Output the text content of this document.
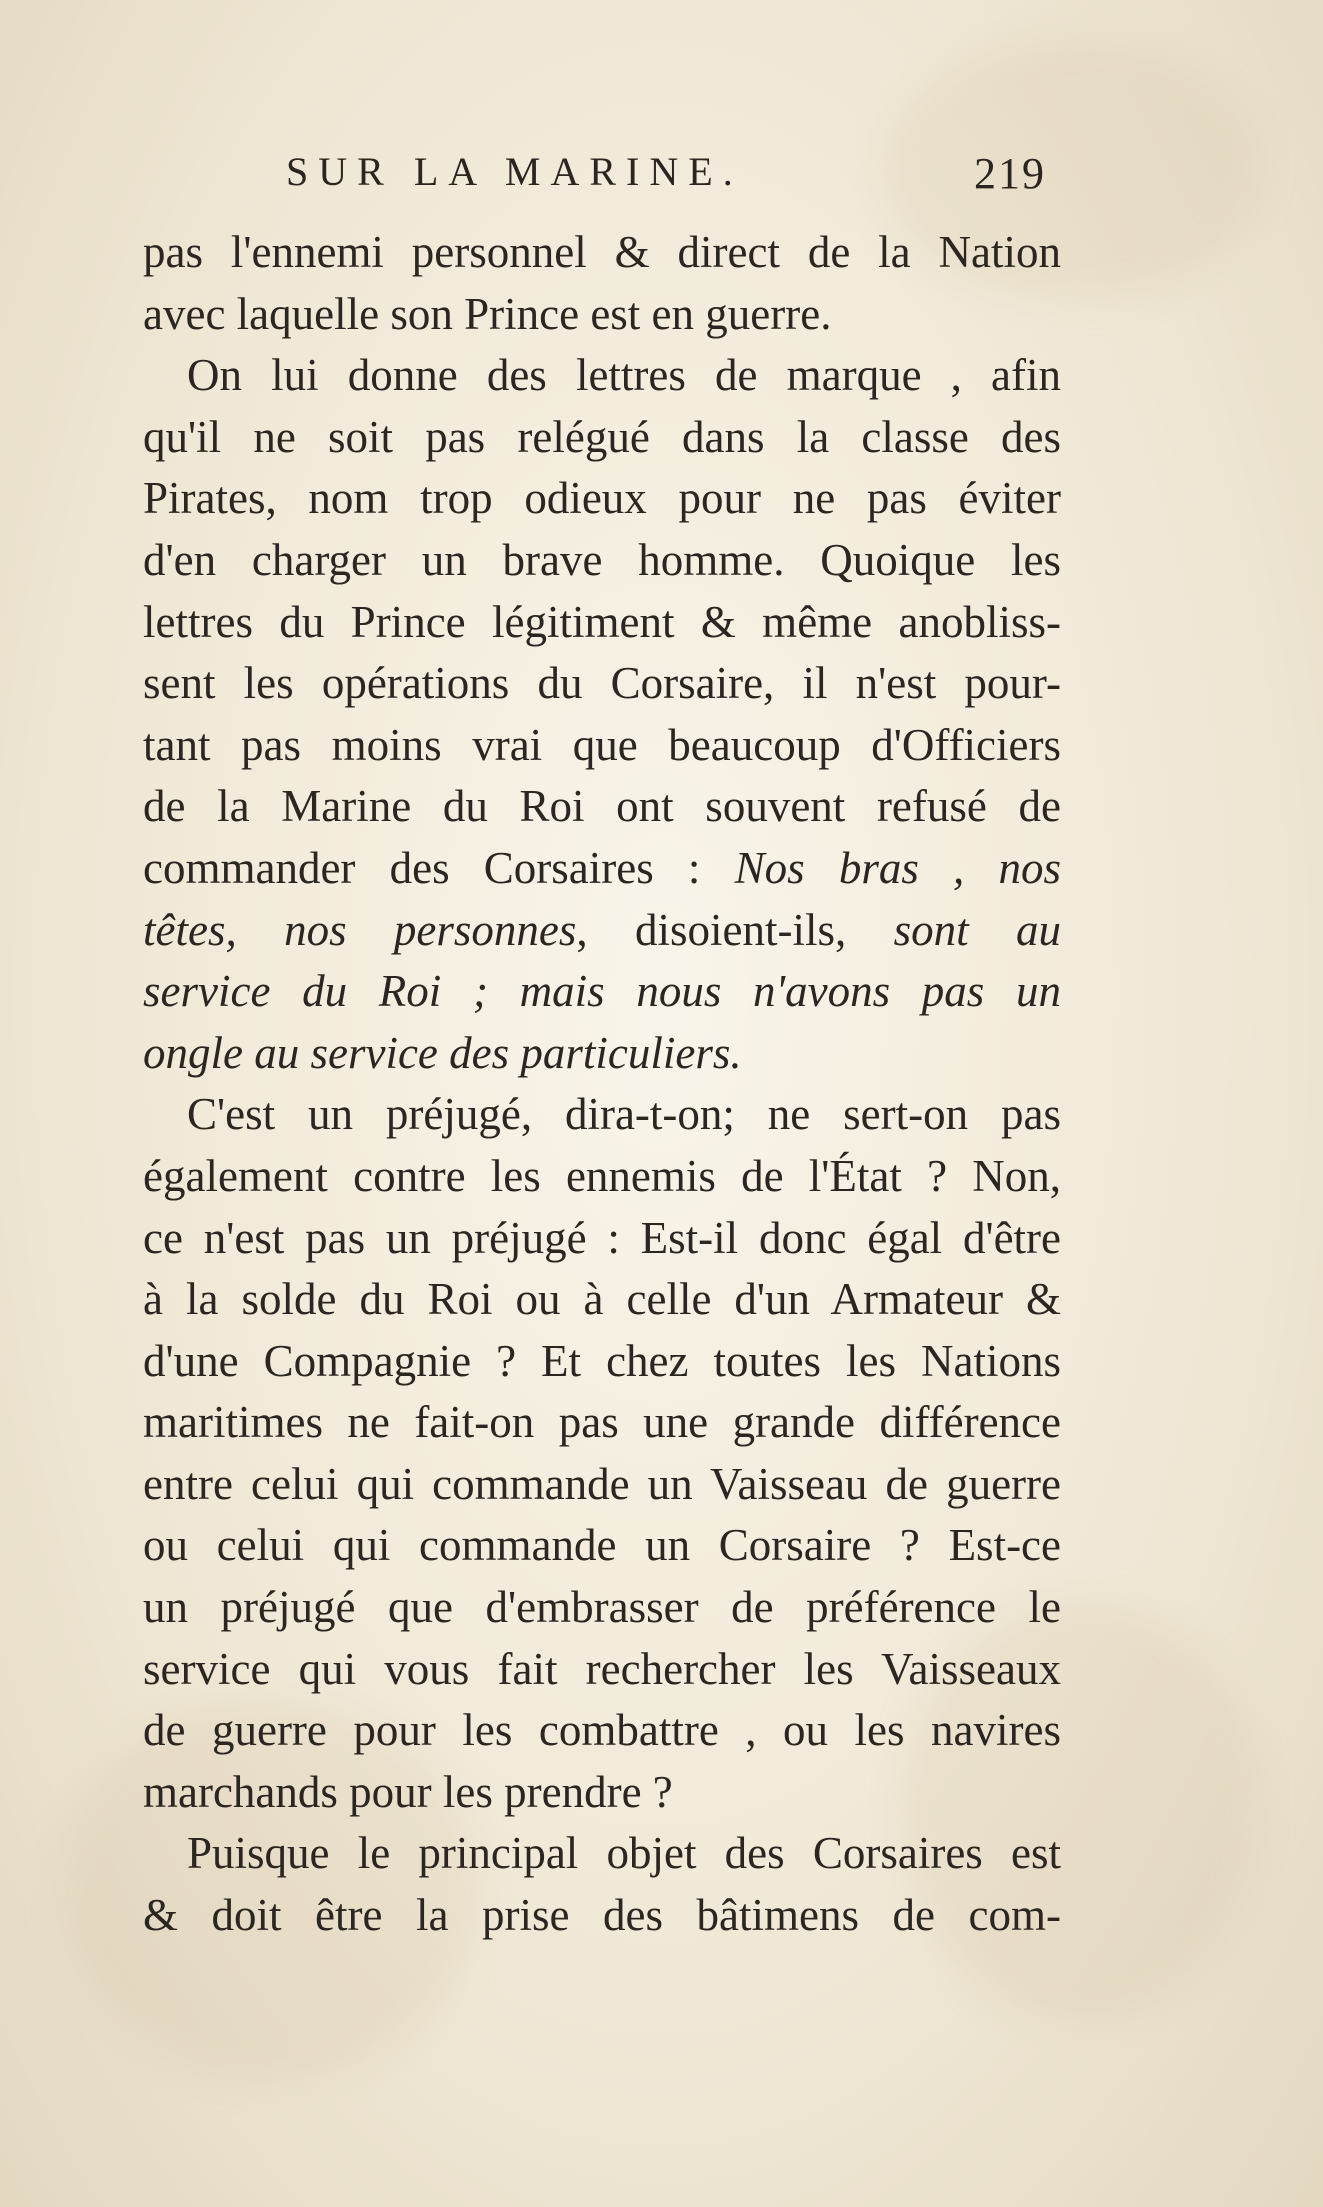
SUR LA MARINE.	219
pas l'ennemi personnel & direct de la Nation
avec laquelle son Prince est en guerre.
On lui donne des lettres de marque , afin
qu'il ne soit pas relégué dans la classe des
Pirates, nom trop odieux pour ne pas éviter
d'en charger un brave homme. Quoique les
lettres du Prince légitiment & même anobliss-
sent les opérations du Corsaire, il n'est pour-
tant pas moins vrai que beaucoup d'Officiers
de la Marine du Roi ont souvent refusé de
commander des Corsaires : Nos bras , nos
têtes, nos personnes, disoient-ils, sont au
service du Roi ; mais nous n'avons pas un
ongle au service des particuliers.
C'est un préjugé, dira-t-on; ne sert-on pas
également contre les ennemis de l'État ? Non,
ce n'est pas un préjugé : Est-il donc égal d'être
à la solde du Roi ou à celle d'un Armateur &
d'une Compagnie ? Et chez toutes les Nations
maritimes ne fait-on pas une grande différence
entre celui qui commande un Vaisseau de guerre
ou celui qui commande un Corsaire ? Est-ce
un préjugé que d'embrasser de préférence le
service qui vous fait rechercher les Vaisseaux
de guerre pour les combattre , ou les navires
marchands pour les prendre ?
Puisque le principal objet des Corsaires est
& doit être la prise des bâtimens de com-
